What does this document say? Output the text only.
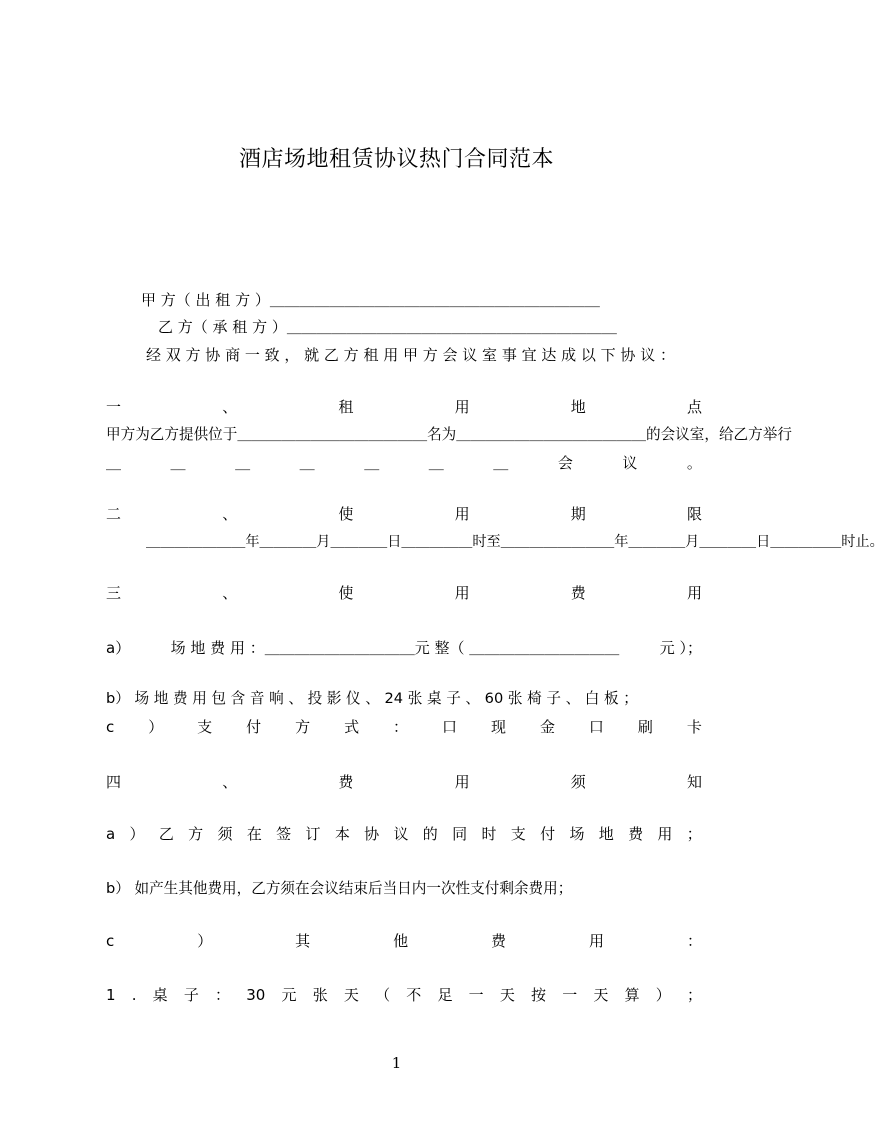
酒店场地租赁协议热门合同范本
甲 方（ 出 租 方 ）＿＿＿＿＿＿＿＿＿＿＿＿＿＿＿＿＿＿＿＿＿＿
乙 方（ 承 租 方 ）＿＿＿＿＿＿＿＿＿＿＿＿＿＿＿＿＿＿＿＿＿＿
经 双 方 协 商 一 致 ， 就 乙 方 租 用 甲 方 会 议 室 事 宜 达 成 以 下 协 议 ：
一	、	租	用	地	点
甲方为乙方提供位于＿＿＿＿＿＿＿＿＿＿＿＿＿名为＿＿＿＿＿＿＿＿＿＿＿＿＿的会议室，给乙方举行
＿	＿	＿	＿	＿	＿	＿	会	议	。
二	、	使	用	期	限
＿＿＿＿＿＿＿年＿＿＿＿月＿＿＿＿日＿＿＿＿＿时至＿＿＿＿＿＿＿＿年＿＿＿＿月＿＿＿＿日＿＿＿＿＿时止。
三	、	使	用	费	用
a）	场 地 费 用 ：＿＿＿＿＿＿＿＿＿＿元 整（ ＿＿＿＿＿＿＿＿＿＿	元 ）；
b） 场 地 费 用 包 含 音 响 、 投 影 仪 、 24 张 桌 子 、 60 张 椅 子 、 白 板 ；
c ） 支 付 方 式 ： 口 现 金 口 刷 卡
四	、	费	用	须	知
a ） 乙 方 须 在 签 订 本 协 议 的 同 时 支 付 场 地 费 用 ；
b） 如产生其他费用，乙方须在会议结束后当日内一次性支付剩余费用；
c	）	其	他	费	用	：
1 . 桌 子 ： 30 元 张 天 （ 不 足 一 天 按 一 天 算 ） ；
1
